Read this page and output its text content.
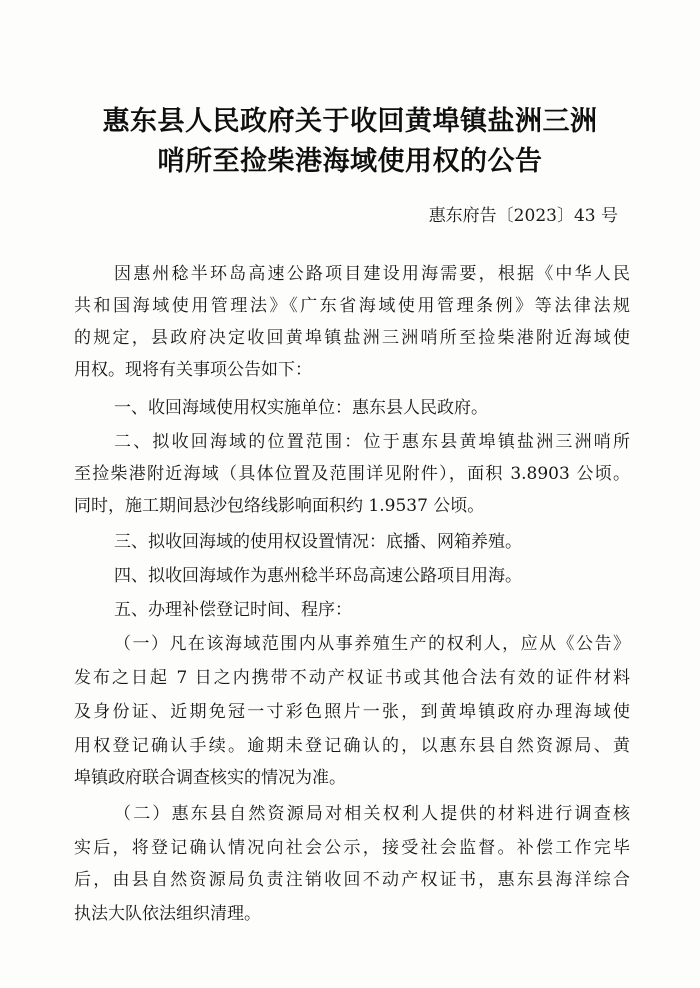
惠东县人民政府关于收回黄埠镇盐洲三洲
哨所至捡柴港海域使用权的公告
惠东府告〔2023〕43 号
因惠州稔半环岛高速公路项目建设用海需要，根据《中华人民
共和国海域使用管理法》《广东省海域使用管理条例》等法律法规
的规定，县政府决定收回黄埠镇盐洲三洲哨所至捡柴港附近海域使
用权。现将有关事项公告如下：
一、收回海域使用权实施单位：惠东县人民政府。
二、拟收回海域的位置范围：位于惠东县黄埠镇盐洲三洲哨所
至捡柴港附近海域（具体位置及范围详见附件），面积 3.8903 公顷。
同时，施工期间悬沙包络线影响面积约 1.9537 公顷。
三、拟收回海域的使用权设置情况：底播、网箱养殖。
四、拟收回海域作为惠州稔半环岛高速公路项目用海。
五、办理补偿登记时间、程序：
（一）凡在该海域范围内从事养殖生产的权利人，应从《公告》
发布之日起 7 日之内携带不动产权证书或其他合法有效的证件材料
及身份证、近期免冠一寸彩色照片一张，到黄埠镇政府办理海域使
用权登记确认手续。逾期未登记确认的，以惠东县自然资源局、黄
埠镇政府联合调查核实的情况为准。
（二）惠东县自然资源局对相关权利人提供的材料进行调查核
实后，将登记确认情况向社会公示，接受社会监督。补偿工作完毕
后，由县自然资源局负责注销收回不动产权证书，惠东县海洋综合
执法大队依法组织清理。
